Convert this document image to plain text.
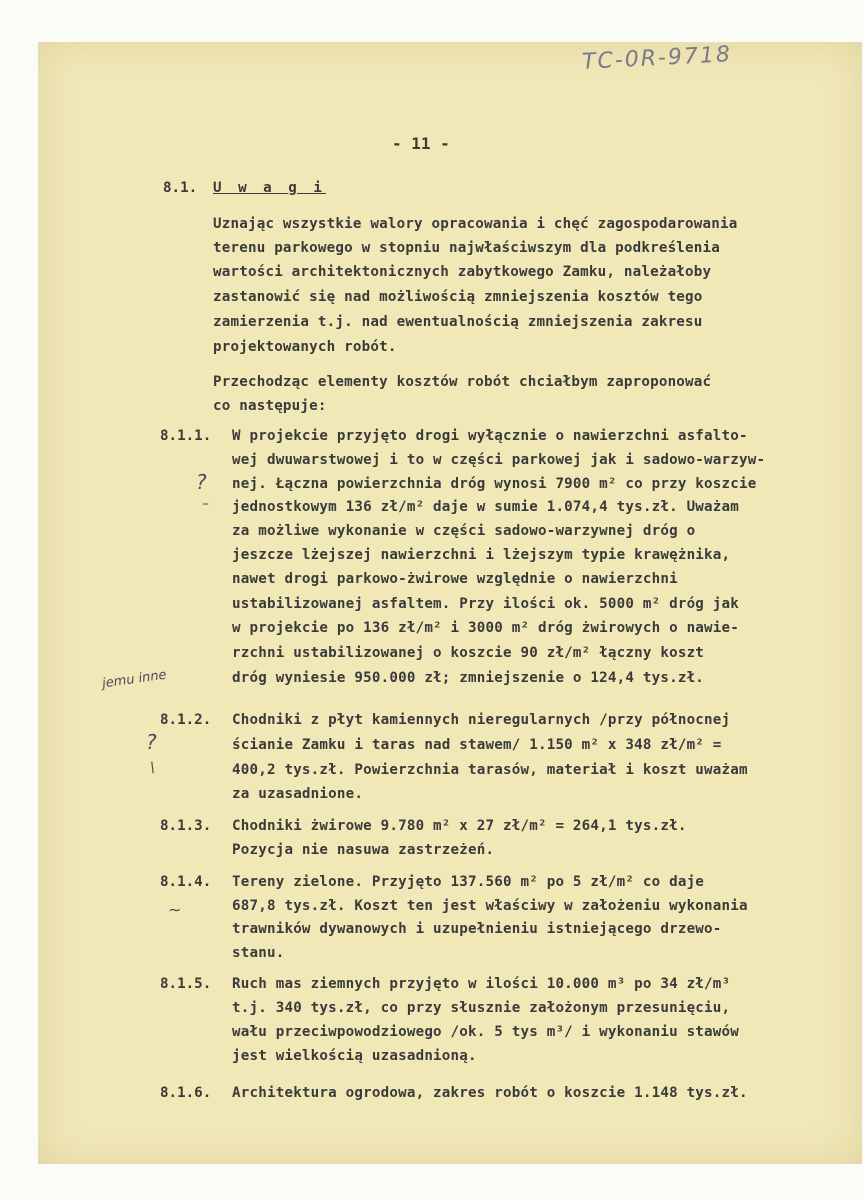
TC-0R-9718
- 11 -
8.1. U w a g i
Uznając wszystkie walory opracowania i chęć zagospodarowania
terenu parkowego w stopniu najwłaściwszym dla podkreślenia
wartości architektonicznych zabytkowego Zamku, należałoby
zastanowić się nad możliwością zmniejszenia kosztów tego
zamierzenia t.j. nad ewentualnością zmniejszenia zakresu
projektowanych robót.
Przechodząc elementy kosztów robót chciałbym zaproponować
co następuje:
8.1.1. W projekcie przyjęto drogi wyłącznie o nawierzchni asfalto-
wej dwuwarstwowej i to w części parkowej jak i sadowo-warzyw-
nej. Łączna powierzchnia dróg wynosi 7900 m² co przy koszcie
jednostkowym 136 zł/m² daje w sumie 1.074,4 tys.zł. Uważam
za możliwe wykonanie w części sadowo-warzywnej dróg o
jeszcze lżejszej nawierzchni i lżejszym typie krawężnika,
nawet drogi parkowo-żwirowe względnie o nawierzchni
ustabilizowanej asfaltem. Przy ilości ok. 5000 m² dróg jak
w projekcie po 136 zł/m² i 3000 m² dróg żwirowych o nawie-
rzchni ustabilizowanej o koszcie 90 zł/m² łączny koszt
dróg wyniesie 950.000 zł; zmniejszenie o 124,4 tys.zł.
8.1.2. Chodniki z płyt kamiennych nieregularnych /przy północnej
ścianie Zamku i taras nad stawem/ 1.150 m² x 348 zł/m² =
400,2 tys.zł. Powierzchnia tarasów, materiał i koszt uważam
za uzasadnione.
8.1.3. Chodniki żwirowe 9.780 m² x 27 zł/m² = 264,1 tys.zł.
Pozycja nie nasuwa zastrzeżeń.
8.1.4. Tereny zielone. Przyjęto 137.560 m² po 5 zł/m² co daje
687,8 tys.zł. Koszt ten jest właściwy w założeniu wykonania
trawników dywanowych i uzupełnieniu istniejącego drzewo-
stanu.
8.1.5. Ruch mas ziemnych przyjęto w ilości 10.000 m³ po 34 zł/m³
t.j. 340 tys.zł, co przy słusznie założonym przesunięciu,
wału przeciwpowodziowego /ok. 5 tys m³/ i wykonaniu stawów
jest wielkością uzasadnioną.
8.1.6. Architektura ogrodowa, zakres robót o koszcie 1.148 tys.zł.
?
–
jemu inne
?
\
∼
